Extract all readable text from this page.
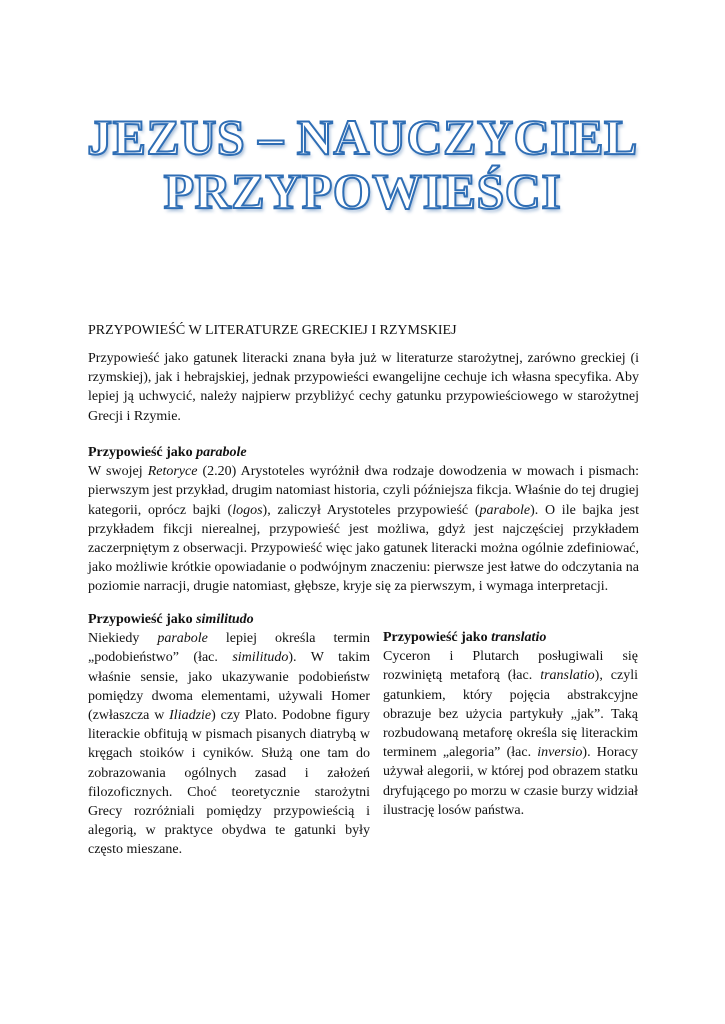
JEZUS – NAUCZYCIEL
PRZYPOWIEŚCI
PRZYPOWIEŚĆ W LITERATURZE GRECKIEJ I RZYMSKIEJ

Przypowieść jako gatunek literacki znana była już w literaturze starożytnej, zarówno greckiej (i rzymskiej), jak i hebrajskiej, jednak przypowieści ewangelijne cechuje ich własna specyfika. Aby lepiej ją uchwycić, należy najpierw przybliżyć cechy gatunku przypowieściowego w starożytnej Grecji i Rzymie.

Przypowieść jako parabole

W swojej Retoryce (2.20) Arystoteles wyróżnił dwa rodzaje dowodzenia w mowach i pismach: pierwszym jest przykład, drugim natomiast historia, czyli późniejsza fikcja. Właśnie do tej drugiej kategorii, oprócz bajki (logos), zaliczył Arystoteles przypowieść (parabole). O ile bajka jest przykładem fikcji nierealnej, przypowieść jest możliwa, gdyż jest najczęściej przykładem zaczerpniętym z obserwacji. Przypowieść więc jako gatunek literacki można ogólnie zdefiniować, jako możliwie krótkie opowiadanie o podwójnym znaczeniu: pierwsze jest łatwe do odczytania na poziomie narracji, drugie natomiast, głębsze, kryje się za pierwszym, i wymaga interpretacji.

Przypowieść jako similitudo

Niekiedy parabole lepiej określa termin „podobieństwo” (łac. similitudo). W takim właśnie sensie, jako ukazywanie podobieństw pomiędzy dwoma elementami, używali Homer (zwłaszcza w Iliadzie) czy Plato. Podobne figury literackie obfitują w pismach pisanych diatrybą w kręgach stoików i cyników. Służą one tam do zobrazowania ogólnych zasad i założeń filozoficznych. Choć teoretycznie starożytni Grecy rozróżniali pomiędzy przypowieścią i alegorią, w praktyce obydwa te gatunki były często mieszane.

Przypowieść jako translatio

Cyceron i Plutarch posługiwali się rozwiniętą metaforą (łac. translatio), czyli gatunkiem, który pojęcia abstrakcyjne obrazuje bez użycia partykuły „jak”. Taką rozbudowaną metaforę określa się literackim terminem „alegoria” (łac. inversio). Horacy używał alegorii, w której pod obrazem statku dryfującego po morzu w czasie burzy widział ilustrację losów państwa.
